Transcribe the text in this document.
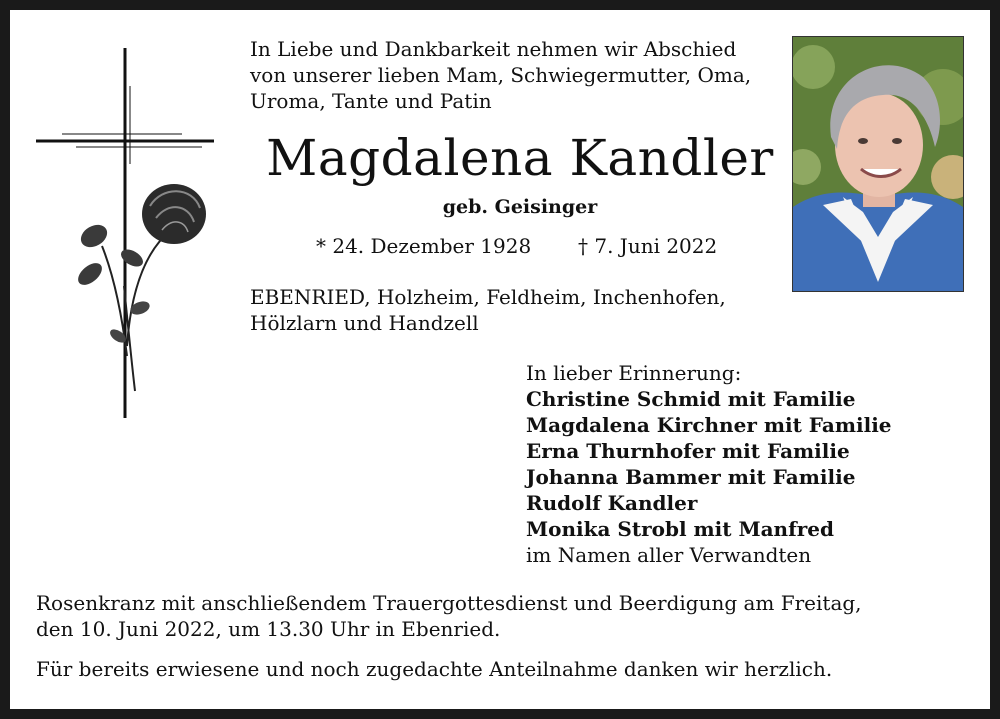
In Liebe und Dankbarkeit nehmen wir Abschied
von unserer lieben Mam, Schwiegermutter, Oma,
Uroma, Tante und Patin
Magdalena Kandler
geb. Geisinger
* 24. Dezember 1928 † 7. Juni 2022
EBENRIED, Holzheim, Feldheim, Inchenhofen,
Hölzlarn und Handzell
In lieber Erinnerung:
Christine Schmid mit Familie
Magdalena Kirchner mit Familie
Erna Thurnhofer mit Familie
Johanna Bammer mit Familie
Rudolf Kandler
Monika Strobl mit Manfred
im Namen aller Verwandten
Rosenkranz mit anschließendem Trauergottesdienst und Beerdigung am Freitag,
den 10. Juni 2022, um 13.30 Uhr in Ebenried.
Für bereits erwiesene und noch zugedachte Anteilnahme danken wir herzlich.
